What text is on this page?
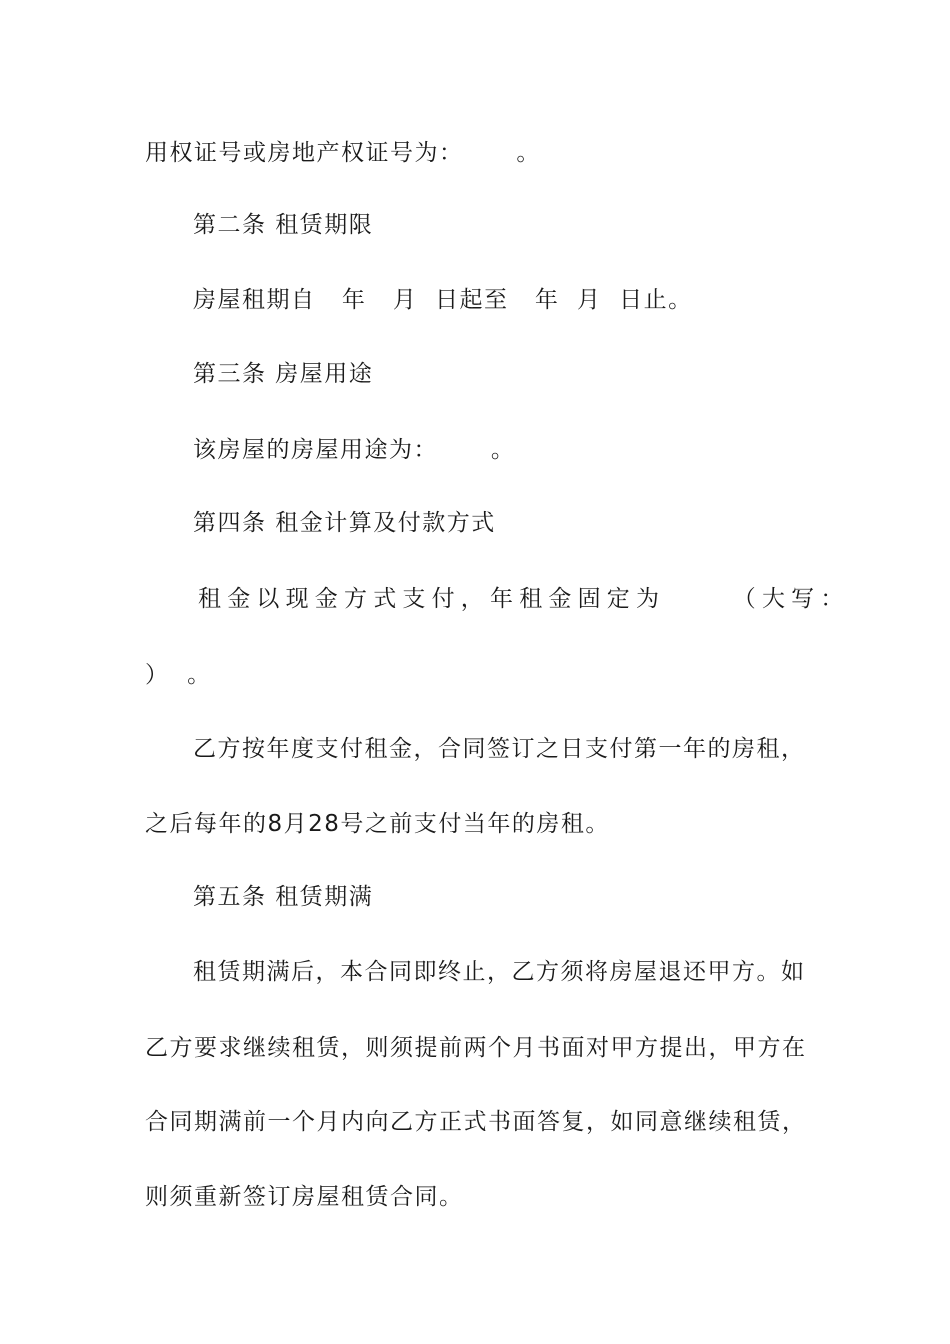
用权证号或房地产权证号为：      。
第二条 租赁期限
房屋租期自   年   月  日起至   年  月  日止。
第三条 房屋用途
该房屋的房屋用途为：      。
第四条 租金计算及付款方式
租金以现金方式支付，年租金固定为     （大写：
）  。
乙方按年度支付租金，合同签订之日支付第一年的房租，
之后每年的8月28号之前支付当年的房租。
第五条 租赁期满
租赁期满后，本合同即终止，乙方须将房屋退还甲方。如
乙方要求继续租赁，则须提前两个月书面对甲方提出，甲方在
合同期满前一个月内向乙方正式书面答复，如同意继续租赁，
则须重新签订房屋租赁合同。
